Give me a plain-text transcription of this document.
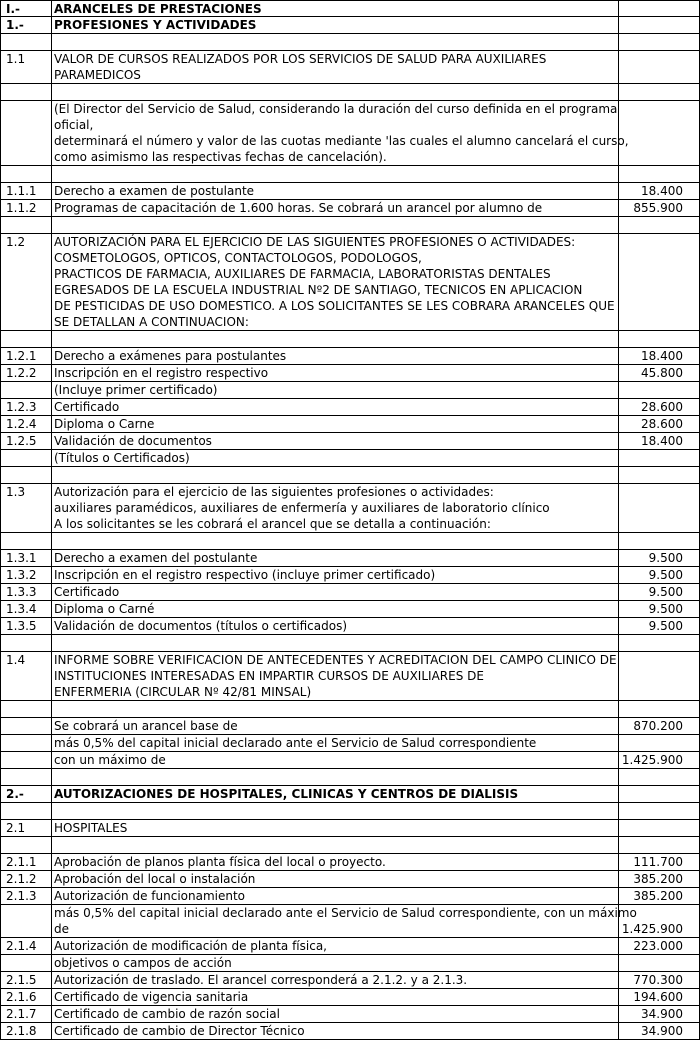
I.-	ARANCELES DE PRESTACIONES
1.-	PROFESIONES Y ACTIVIDADES
1.1	VALOR DE CURSOS REALIZADOS POR LOS SERVICIOS DE SALUD PARA AUXILIARES
PARAMEDICOS
(El Director del Servicio de Salud, considerando la duración del curso definida en el programa
oficial,
determinará el número y valor de las cuotas mediante 'las cuales el alumno cancelará el curso,
como asimismo las respectivas fechas de cancelación).
1.1.1	Derecho a examen de postulante	18.400
1.1.2	Programas de capacitación de 1.600 horas. Se cobrará un arancel por alumno de	855.900
1.2	AUTORIZACIÓN PARA EL EJERCICIO DE LAS SIGUIENTES PROFESIONES O ACTIVIDADES:
COSMETOLOGOS, OPTICOS, CONTACTOLOGOS, PODOLOGOS,
PRACTICOS DE FARMACIA, AUXILIARES DE FARMACIA, LABORATORISTAS DENTALES
EGRESADOS DE LA ESCUELA INDUSTRIAL Nº2 DE SANTIAGO, TECNICOS EN APLICACION
DE PESTICIDAS DE USO DOMESTICO. A LOS SOLICITANTES SE LES COBRARA ARANCELES QUE
SE DETALLAN A CONTINUACION:
1.2.1	Derecho a exámenes para postulantes	18.400
1.2.2	Inscripción en el registro respectivo	45.800
(Incluye primer certificado)
1.2.3	Certificado	28.600
1.2.4	Diploma o Carne	28.600
1.2.5	Validación de documentos	18.400
(Títulos o Certificados)
1.3	Autorización para el ejercicio de las siguientes profesiones o actividades:
auxiliares paramédicos, auxiliares de enfermería y auxiliares de laboratorio clínico
A los solicitantes se les cobrará el arancel que se detalla a continuación:
1.3.1	Derecho a examen del postulante	9.500
1.3.2	Inscripción en el registro respectivo (incluye primer certificado)	9.500
1.3.3	Certificado	9.500
1.3.4	Diploma o Carné	9.500
1.3.5	Validación de documentos (títulos o certificados)	9.500
1.4	INFORME SOBRE VERIFICACION DE ANTECEDENTES Y ACREDITACION DEL CAMPO CLINICO DE
INSTITUCIONES INTERESADAS EN IMPARTIR CURSOS DE AUXILIARES DE
ENFERMERIA (CIRCULAR Nº 42/81 MINSAL)
Se cobrará un arancel base de	870.200
más 0,5% del capital inicial declarado ante el Servicio de Salud correspondiente
con un máximo de	1.425.900
2.-	AUTORIZACIONES DE HOSPITALES, CLINICAS Y CENTROS DE DIALISIS
2.1	HOSPITALES
2.1.1	Aprobación de planos planta física del local o proyecto.	111.700
2.1.2	Aprobación del local o instalación	385.200
2.1.3	Autorización de funcionamiento	385.200
más 0,5% del capital inicial declarado ante el Servicio de Salud correspondiente, con un máximo
de	1.425.900
2.1.4	Autorización de modificación de planta física,	223.000
objetivos o campos de acción
2.1.5	Autorización de traslado. El arancel corresponderá a 2.1.2. y a 2.1.3.	770.300
2.1.6	Certificado de vigencia sanitaria	194.600
2.1.7	Certificado de cambio de razón social	34.900
2.1.8	Certificado de cambio de Director Técnico	34.900
